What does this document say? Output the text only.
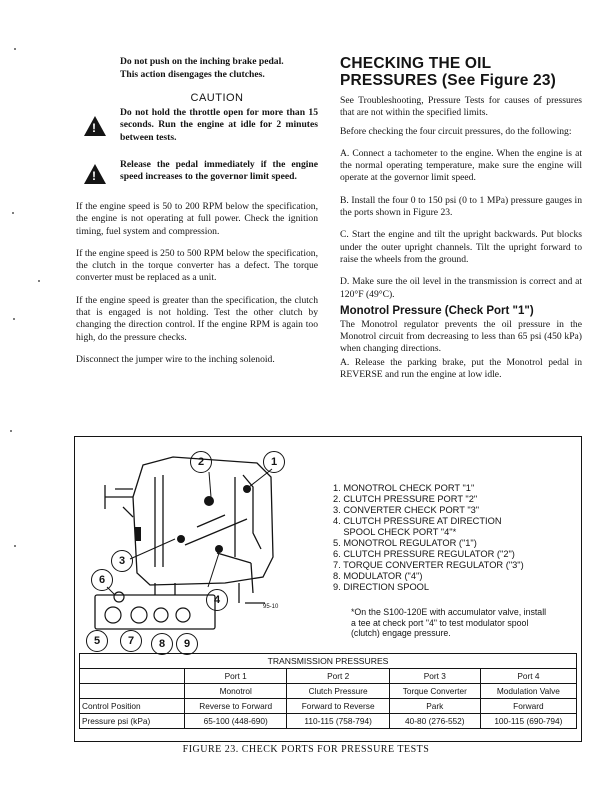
Do not push on the inching brake pedal.
This action disengages the clutches.
CAUTION
!

Do not hold the throttle open for more than 15 seconds. Run the engine at idle for 2 minutes between tests.

!

Release the pedal immediately if the engine speed increases to the governor limit speed.

If the engine speed is 50 to 200 RPM below the specification, the engine is not operating at full power. Check the ignition timing, fuel system and compression.

If the engine speed is 250 to 500 RPM below the specification, the clutch in the torque converter has a defect. The torque converter must be replaced as a unit.

If the engine speed is greater than the specification, the clutch that is engaged is not holding. Test the other clutch by changing the direction control. If the engine RPM is again too high, do the pressure checks.

Disconnect the jumper wire to the inching solenoid.

CHECKING THE OIL
PRESSURES (See Figure 23)

See Troubleshooting, Pressure Tests for causes of pressures that are not within the specified limits.

Before checking the four circuit pressures, do the following:

A. Connect a tachometer to the engine. When the engine is at the normal operating temperature, make sure the engine will operate at the governor limit speed.

B. Install the four 0 to 150 psi (0 to 1 MPa) pressure gauges in the ports shown in Figure 23.

C. Start the engine and tilt the upright backwards. Put blocks under the outer upright channels. Tilt the upright forward to raise the wheels from the ground.

D. Make sure the oil level in the transmission is correct and at 120°F (49°C).

Monotrol Pressure (Check Port "1")

The Monotrol regulator prevents the oil pressure in the Monotrol circuit from decreasing to less than 65 psi (450 kPa) when changing directions.

A. Release the parking brake, put the Monotrol pedal in REVERSE and run the engine at low idle.

2	1
3
4
6
5	7	8	9
95-10
1. MONOTROL CHECK PORT "1"
2. CLUTCH PRESSURE PORT "2"
3. CONVERTER CHECK PORT "3"
4. CLUTCH PRESSURE AT DIRECTION
SPOOL CHECK PORT "4"*
5. MONOTROL REGULATOR ("1")
6. CLUTCH PRESSURE REGULATOR ("2")
7. TORQUE CONVERTER REGULATOR ("3")
8. MODULATOR ("4")
9. DIRECTION SPOOL

*On the S100-120E with accumulator valve, install a tee at check port "4" to test modulator spool (clutch) engage pressure.

TRANSMISSION PRESSURES				
	Port 1	Port 2	Port 3	Port 4
	Monotrol	Clutch Pressure	Torque Converter	Modulation Valve
Control Position	Reverse to Forward	Forward to Reverse	Park	Forward
Pressure psi (kPa)	65-100 (448-690)	110-115 (758-794)	40-80 (276-552)	100-115 (690-794)
FIGURE 23. CHECK PORTS FOR PRESSURE TESTS
